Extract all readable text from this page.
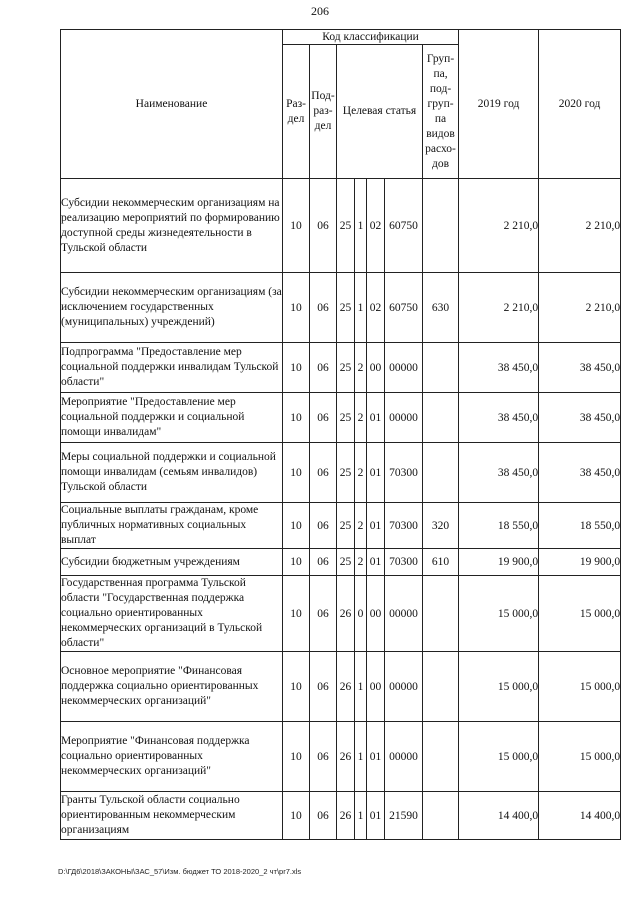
206
Наименование	Код классификации							2019 год	2020 год
	Раз-дел	Под-раз-дел	Целевая статья				Груп-па, под-груп-па видов расхо-дов		
Субсидии некоммерческим организациям на реализацию мероприятий по формированию доступной среды жизнедеятельности в Тульской области	10	06	25	1	02	60750		2 210,0	2 210,0
Субсидии некоммерческим организациям (за исключением государственных (муниципальных) учреждений)	10	06	25	1	02	60750	630	2 210,0	2 210,0
Подпрограмма "Предоставление мер социальной поддержки инвалидам Тульской области"	10	06	25	2	00	00000		38 450,0	38 450,0
Мероприятие "Предоставление мер социальной поддержки и социальной помощи инвалидам"	10	06	25	2	01	00000		38 450,0	38 450,0
Меры социальной поддержки и социальной помощи инвалидам (семьям инвалидов) Тульской области	10	06	25	2	01	70300		38 450,0	38 450,0
Социальные выплаты гражданам, кроме публичных нормативных социальных выплат	10	06	25	2	01	70300	320	18 550,0	18 550,0
Субсидии бюджетным учреждениям	10	06	25	2	01	70300	610	19 900,0	19 900,0
Государственная программа Тульской области "Государственная поддержка социально ориентированных некоммерческих организаций в Тульской области"	10	06	26	0	00	00000		15 000,0	15 000,0
Основное мероприятие "Финансовая поддержка социально ориентированных некоммерческих организаций"	10	06	26	1	00	00000		15 000,0	15 000,0
Мероприятие "Финансовая поддержка социально ориентированных некоммерческих организаций"	10	06	26	1	01	00000		15 000,0	15 000,0
Гранты Тульской области социально ориентированным некоммерческим организациям	10	06	26	1	01	21590		14 400,0	14 400,0
D:\ГД6\2018\ЗАКОНЫ\ЗАС_57\Изм. бюджет ТО 2018-2020_2 чт\pr7.xls
